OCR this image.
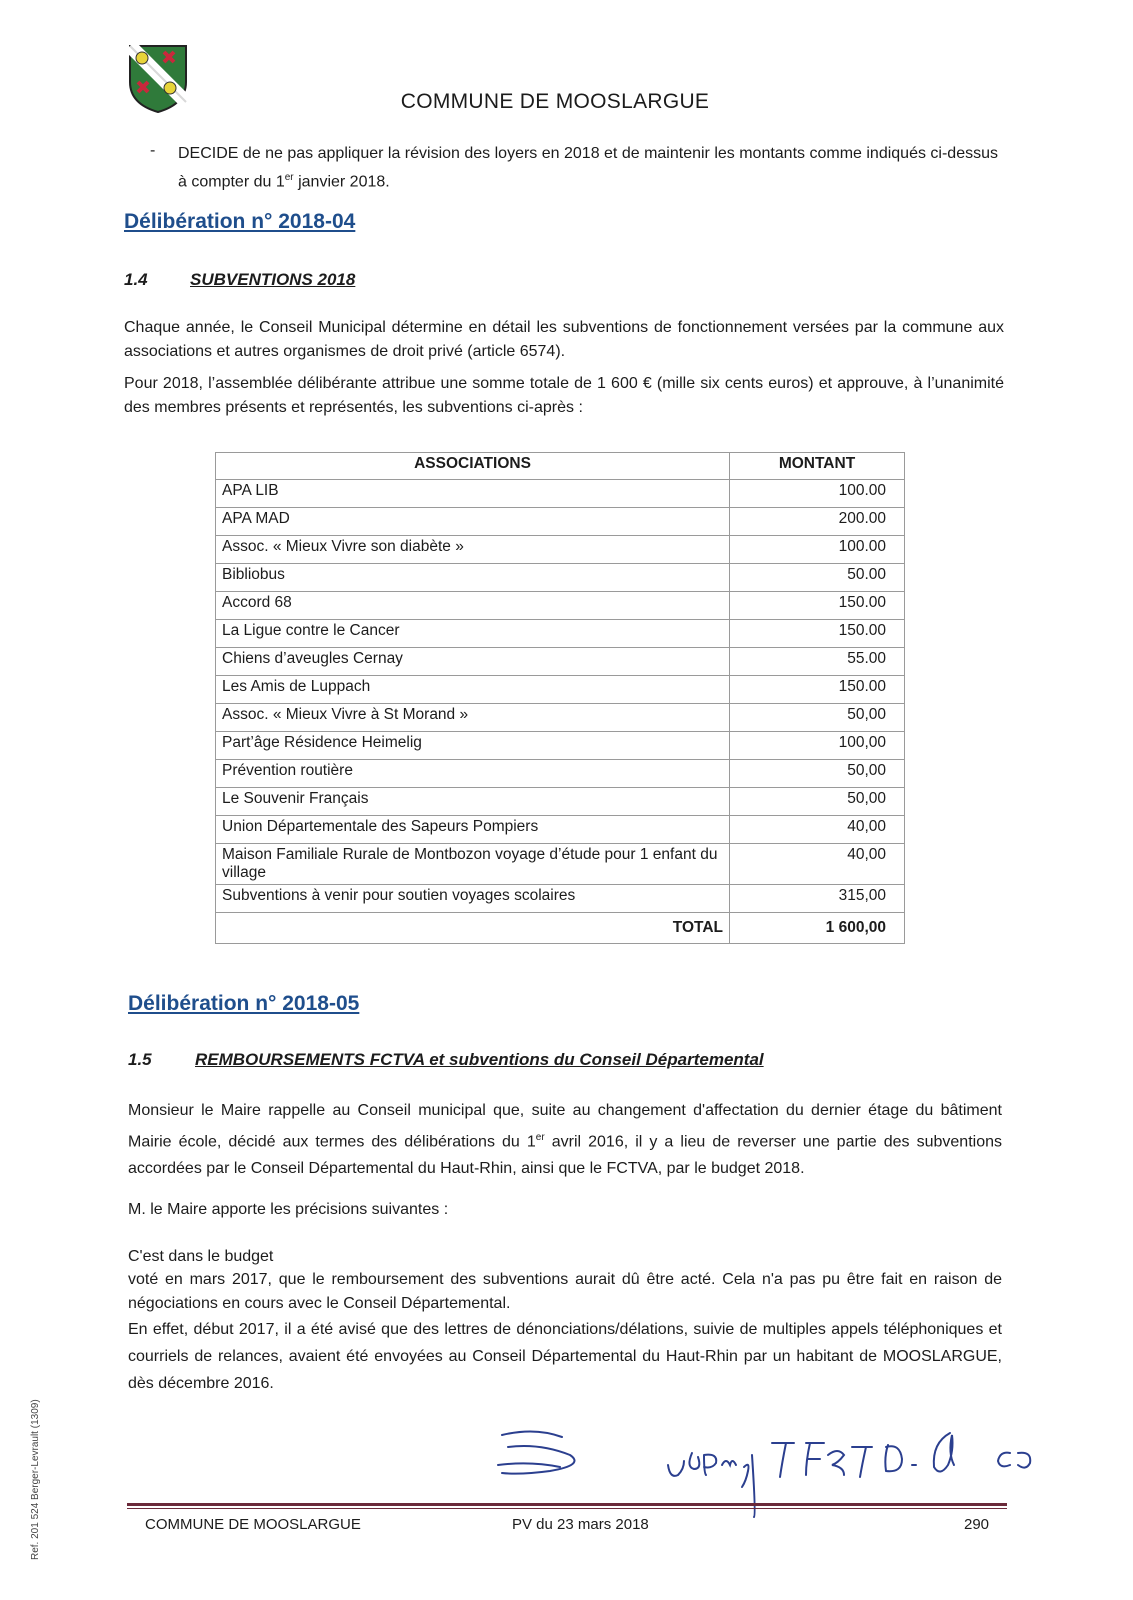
COMMUNE DE MOOSLARGUE
- DECIDE de ne pas appliquer la révision des loyers en 2018 et de maintenir les montants comme indiqués ci-dessus à compter du 1er janvier 2018.
Délibération n° 2018-04
1.4 SUBVENTIONS 2018
Chaque année, le Conseil Municipal détermine en détail les subventions de fonctionnement versées par la commune aux associations et autres organismes de droit privé (article 6574).
Pour 2018, l’assemblée délibérante attribue une somme totale de 1 600 € (mille six cents euros) et approuve, à l’unanimité des membres présents et représentés, les subventions ci-après :
ASSOCIATIONS	MONTANT
APA LIB	100.00
APA MAD	200.00
Assoc. « Mieux Vivre son diabète »	100.00
Bibliobus	50.00
Accord 68	150.00
La Ligue contre le Cancer	150.00
Chiens d’aveugles Cernay	55.00
Les Amis de Luppach	150.00
Assoc. « Mieux Vivre à St Morand »	50,00
Part’âge Résidence Heimelig	100,00
Prévention routière	50,00
Le Souvenir Français	50,00
Union Départementale des Sapeurs Pompiers	40,00
Maison Familiale Rurale de Montbozon voyage d’étude pour 1 enfant du village	40,00
Subventions à venir pour soutien voyages scolaires	315,00
TOTAL	1 600,00
Délibération n° 2018-05
1.5	REMBOURSEMENTS FCTVA et subventions du Conseil Départemental
Monsieur le Maire rappelle au Conseil municipal que, suite au changement d'affectation du dernier étage du bâtiment Mairie école, décidé aux termes des délibérations du 1er avril 2016, il y a lieu de reverser une partie des subventions accordées par le Conseil Départemental du Haut-Rhin, ainsi que le FCTVA, par le budget 2018.
M. le Maire apporte les précisions suivantes :
C'est dans le budget
voté en mars 2017, que le remboursement des subventions aurait dû être acté. Cela n'a pas pu être fait en raison de négociations en cours avec le Conseil Départemental.
En effet, début 2017, il a été avisé que des lettres de dénonciations/délations, suivie de multiples appels téléphoniques et courriels de relances, avaient été envoyées au Conseil Départemental du Haut-Rhin par un habitant de MOOSLARGUE, dès décembre 2016.
COMMUNE DE MOOSLARGUE	PV du 23 mars 2018	290
Ref. 201 524 Berger-Levrault (1309)
